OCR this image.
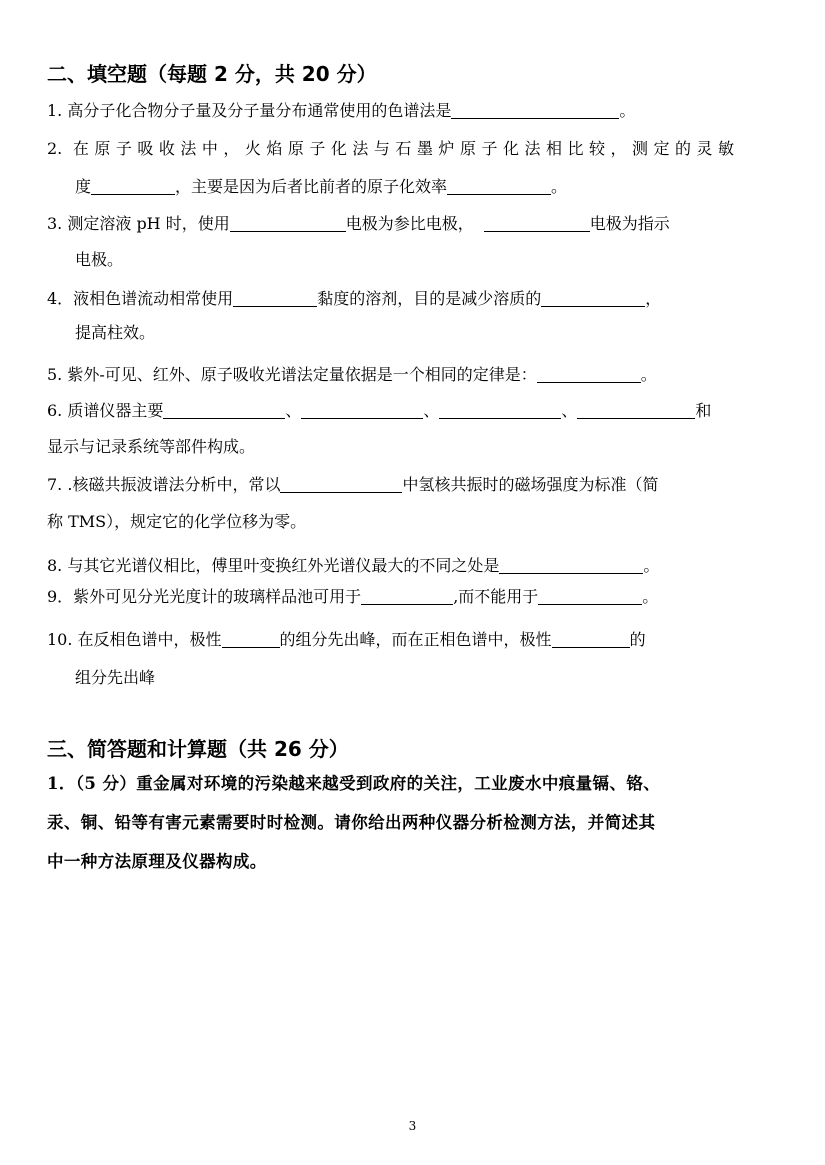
二、填空题（每题 2 分，共 20 分）
1. 高分子化合物分子量及分子量分布通常使用的色谱法是	。
2. 在原子吸收法中，火焰原子化法与石墨炉原子化法相比较，测定的灵敏
度	，主要是因为后者比前者的原子化效率	。
3. 测定溶液 pH 时，使用	电极为参比电极，	电极为指示
电极。
4．液相色谱流动相常使用	黏度的溶剂，目的是减少溶质的	，
提高柱效。
5. 紫外-可见、红外、原子吸收光谱法定量依据是一个相同的定律是：	。
6. 质谱仪器主要	、	、	、	和
显示与记录系统等部件构成。
7. .核磁共振波谱法分析中，常以	中氢核共振时的磁场强度为标准（简
称 TMS），规定它的化学位移为零。
8. 与其它光谱仪相比，傅里叶变换红外光谱仪最大的不同之处是	。
9．紫外可见分光光度计的玻璃样品池可用于	,而不能用于	。
10. 在反相色谱中，极性	的组分先出峰，而在正相色谱中，极性	的
组分先出峰
三、简答题和计算题（共 26 分）
1．（5 分）重金属对环境的污染越来越受到政府的关注，工业废水中痕量镉、铬、
汞、铜、铅等有害元素需要时时检测。请你给出两种仪器分析检测方法，并简述其
中一种方法原理及仪器构成。
3
